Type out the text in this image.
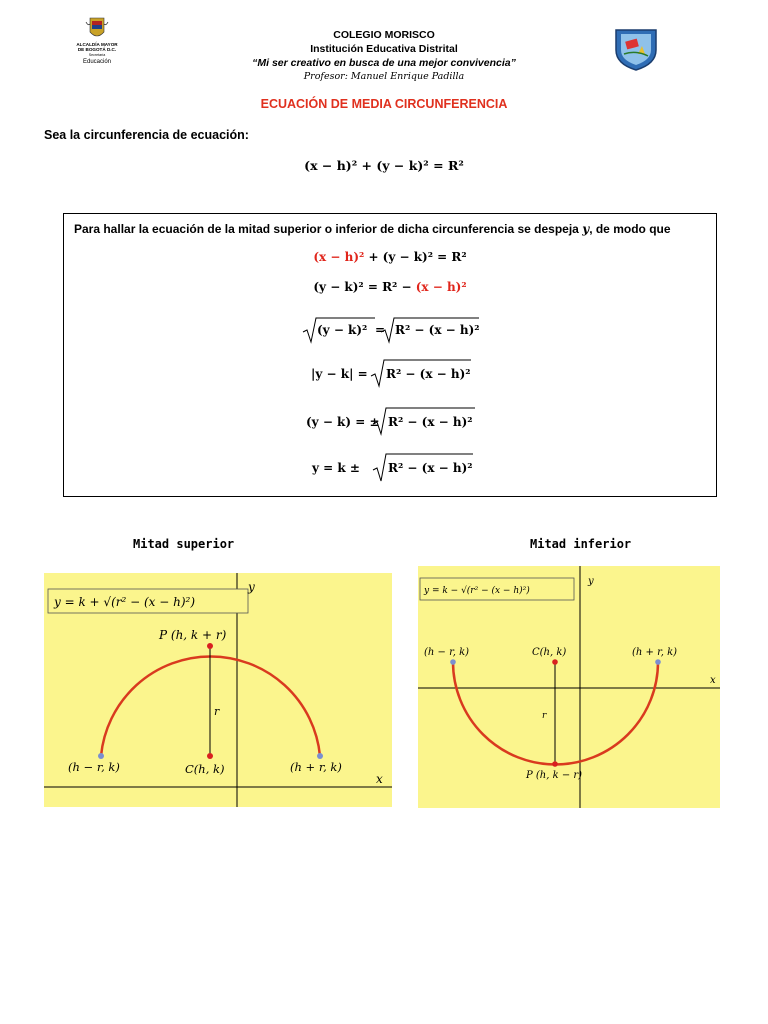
ALCALDÍA MAYOR
DE BOGOTÁ D.C.
Secretaría
Educación
COLEGIO MORISCO
Institución Educativa Distrital
“Mi ser creativo en busca de una mejor convivencia”
Profesor: Manuel Enrique Padilla
ECUACIÓN DE MEDIA CIRCUNFERENCIA
Sea la circunferencia de ecuación:
(x − h)² + (y − k)² = R²
Para hallar la ecuación de la mitad superior o inferior de dicha circunferencia se despeja y, de modo que
(x − h)² + (y − k)² = R²
(y − k)² = R² − (x − h)²
(y − k)² = R² − (x − h)²
|y − k| = R² − (x − h)²
(y − k) = ± R² − (x − h)²
y = k ± R² − (x − h)²
Mitad superior	Mitad inferior
y = k + √(r² − (x − h)²)
y
x
P (h, k + r)
r
(h − r, k)	C(h, k)	(h + r, k)
y = k − √(r² − (x − h)²)
y
x
(h − r, k)	C(h, k)	(h + r, k)
r
P (h, k − r)
